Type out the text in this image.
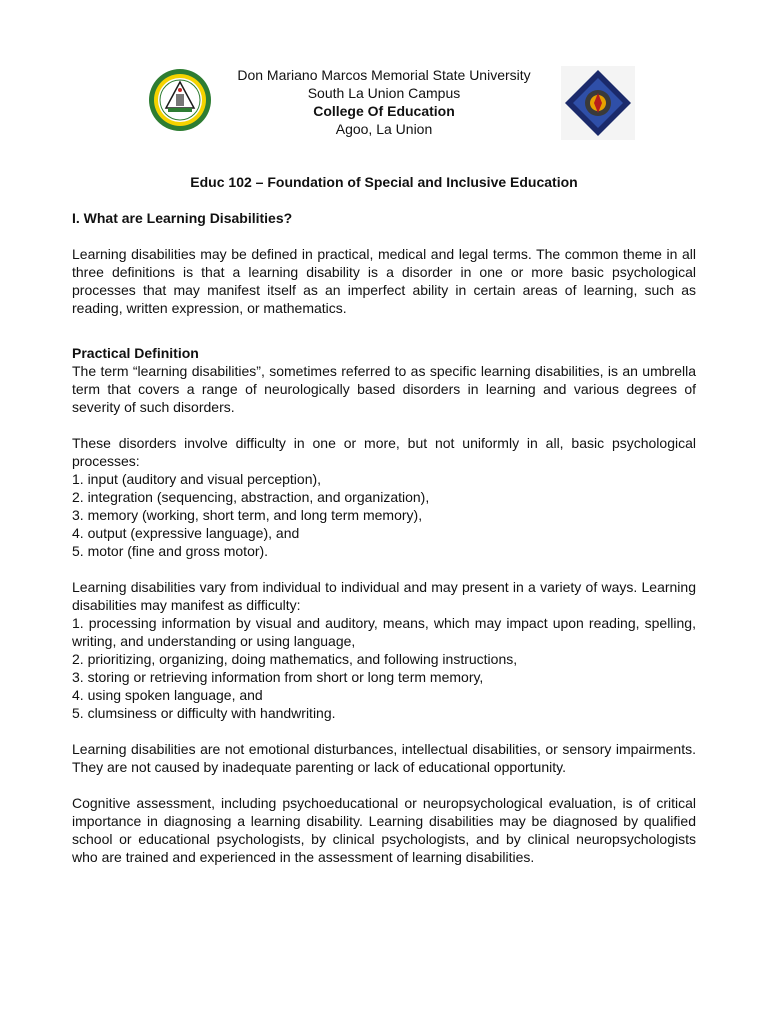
Don Mariano Marcos Memorial State University
South La Union Campus
College Of Education
Agoo, La Union

Educ 102 – Foundation of Special and Inclusive Education

I. What are Learning Disabilities?

Learning disabilities may be defined in practical, medical and legal terms. The common theme in all three definitions is that a learning disability is a disorder in one or more basic psychological processes that may manifest itself as an imperfect ability in certain areas of learning, such as reading, written expression, or mathematics.

Practical Definition

The term “learning disabilities”, sometimes referred to as specific learning disabilities, is an umbrella term that covers a range of neurologically based disorders in learning and various degrees of severity of such disorders.

These disorders involve difficulty in one or more, but not uniformly in all, basic psychological processes:

1. input (auditory and visual perception),

2. integration (sequencing, abstraction, and organization),

3. memory (working, short term, and long term memory),

4. output (expressive language), and

5. motor (fine and gross motor).

Learning disabilities vary from individual to individual and may present in a variety of ways. Learning disabilities may manifest as difficulty:

1. processing information by visual and auditory, means, which may impact upon reading, spelling, writing, and understanding or using language,

2. prioritizing, organizing, doing mathematics, and following instructions,

3. storing or retrieving information from short or long term memory,

4. using spoken language, and

5. clumsiness or difficulty with handwriting.

Learning disabilities are not emotional disturbances, intellectual disabilities, or sensory impairments. They are not caused by inadequate parenting or lack of educational opportunity.

Cognitive assessment, including psychoeducational or neuropsychological evaluation, is of critical importance in diagnosing a learning disability. Learning disabilities may be diagnosed by qualified school or educational psychologists, by clinical psychologists, and by clinical neuropsychologists who are trained and experienced in the assessment of learning disabilities.
